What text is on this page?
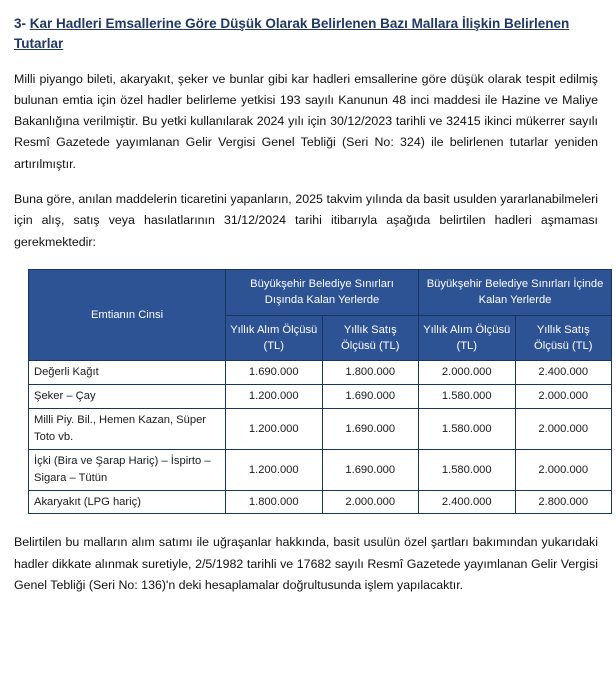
3- Kar Hadleri Emsallerine Göre Düşük Olarak Belirlenen Bazı Mallara İlişkin Belirlenen Tutarlar

Milli piyango bileti, akaryakıt, şeker ve bunlar gibi kar hadleri emsallerine göre düşük olarak tespit edilmiş bulunan emtia için özel hadler belirleme yetkisi 193 sayılı Kanunun 48 inci maddesi ile Hazine ve Maliye Bakanlığına verilmiştir. Bu yetki kullanılarak 2024 yılı için 30/12/2023 tarihli ve 32415 ikinci mükerrer sayılı Resmî Gazetede yayımlanan Gelir Vergisi Genel Tebliği (Seri No: 324) ile belirlenen tutarlar yeniden artırılmıştır.

Buna göre, anılan maddelerin ticaretini yapanların, 2025 takvim yılında da basit usulden yararlanabilmeleri için alış, satış veya hasılatlarının 31/12/2024 tarihi itibarıyla aşağıda belirtilen hadleri aşmaması gerekmektedir:

Emtianın Cinsi	Büyükşehir Belediye Sınırları Dışında Kalan Yerlerde		Büyükşehir Belediye Sınırları İçinde Kalan Yerlerde	
	Yıllık Alım Ölçüsü (TL)	Yıllık Satış Ölçüsü (TL)	Yıllık Alım Ölçüsü (TL)	Yıllık Satış Ölçüsü (TL)
Değerli Kağıt	1.690.000	1.800.000	2.000.000	2.400.000
Şeker – Çay	1.200.000	1.690.000	1.580.000	2.000.000
Milli Piy. Bil., Hemen Kazan, Süper Toto vb.	1.200.000	1.690.000	1.580.000	2.000.000
İçki (Bira ve Şarap Hariç) – İspirto – Sigara – Tütün	1.200.000	1.690.000	1.580.000	2.000.000
Akaryakıt (LPG hariç)	1.800.000	2.000.000	2.400.000	2.800.000

Belirtilen bu malların alım satımı ile uğraşanlar hakkında, basit usulün özel şartları bakımından yukarıdaki hadler dikkate alınmak suretiyle, 2/5/1982 tarihli ve 17682 sayılı Resmî Gazetede yayımlanan Gelir Vergisi Genel Tebliği (Seri No: 136)'n deki hesaplamalar doğrultusunda işlem yapılacaktır.
